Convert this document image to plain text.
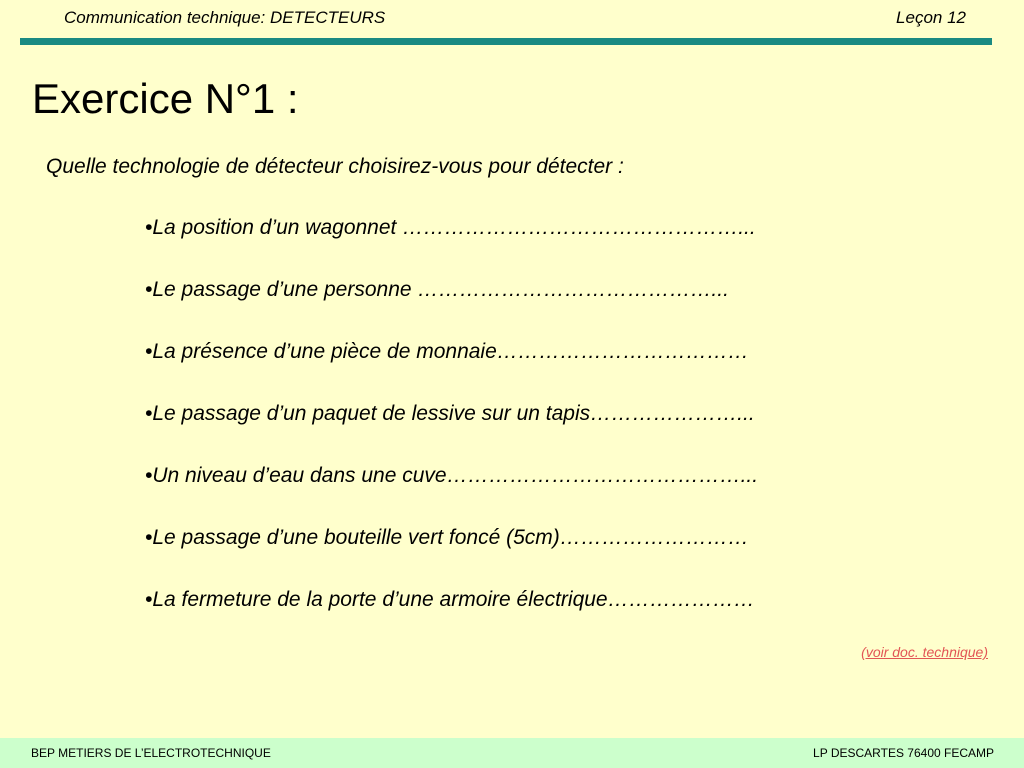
Communication technique: DETECTEURS	Leçon 12
Exercice N°1 :
Quelle technologie de détecteur choisirez-vous pour détecter :
•La position d’un wagonnet …………………………………………...
•Le passage d’une personne ……………………………………...
•La présence d’une pièce de monnaie………………………………
•Le passage d’un paquet de lessive sur un tapis…………………...
•Un niveau d’eau dans une cuve……………………………………...
•Le passage d’une bouteille vert foncé (5cm)………………………
•La fermeture de la porte d’une armoire électrique…………………
(voir doc. technique)
BEP METIERS DE L’ELECTROTECHNIQUE	LP DESCARTES 76400 FECAMP
